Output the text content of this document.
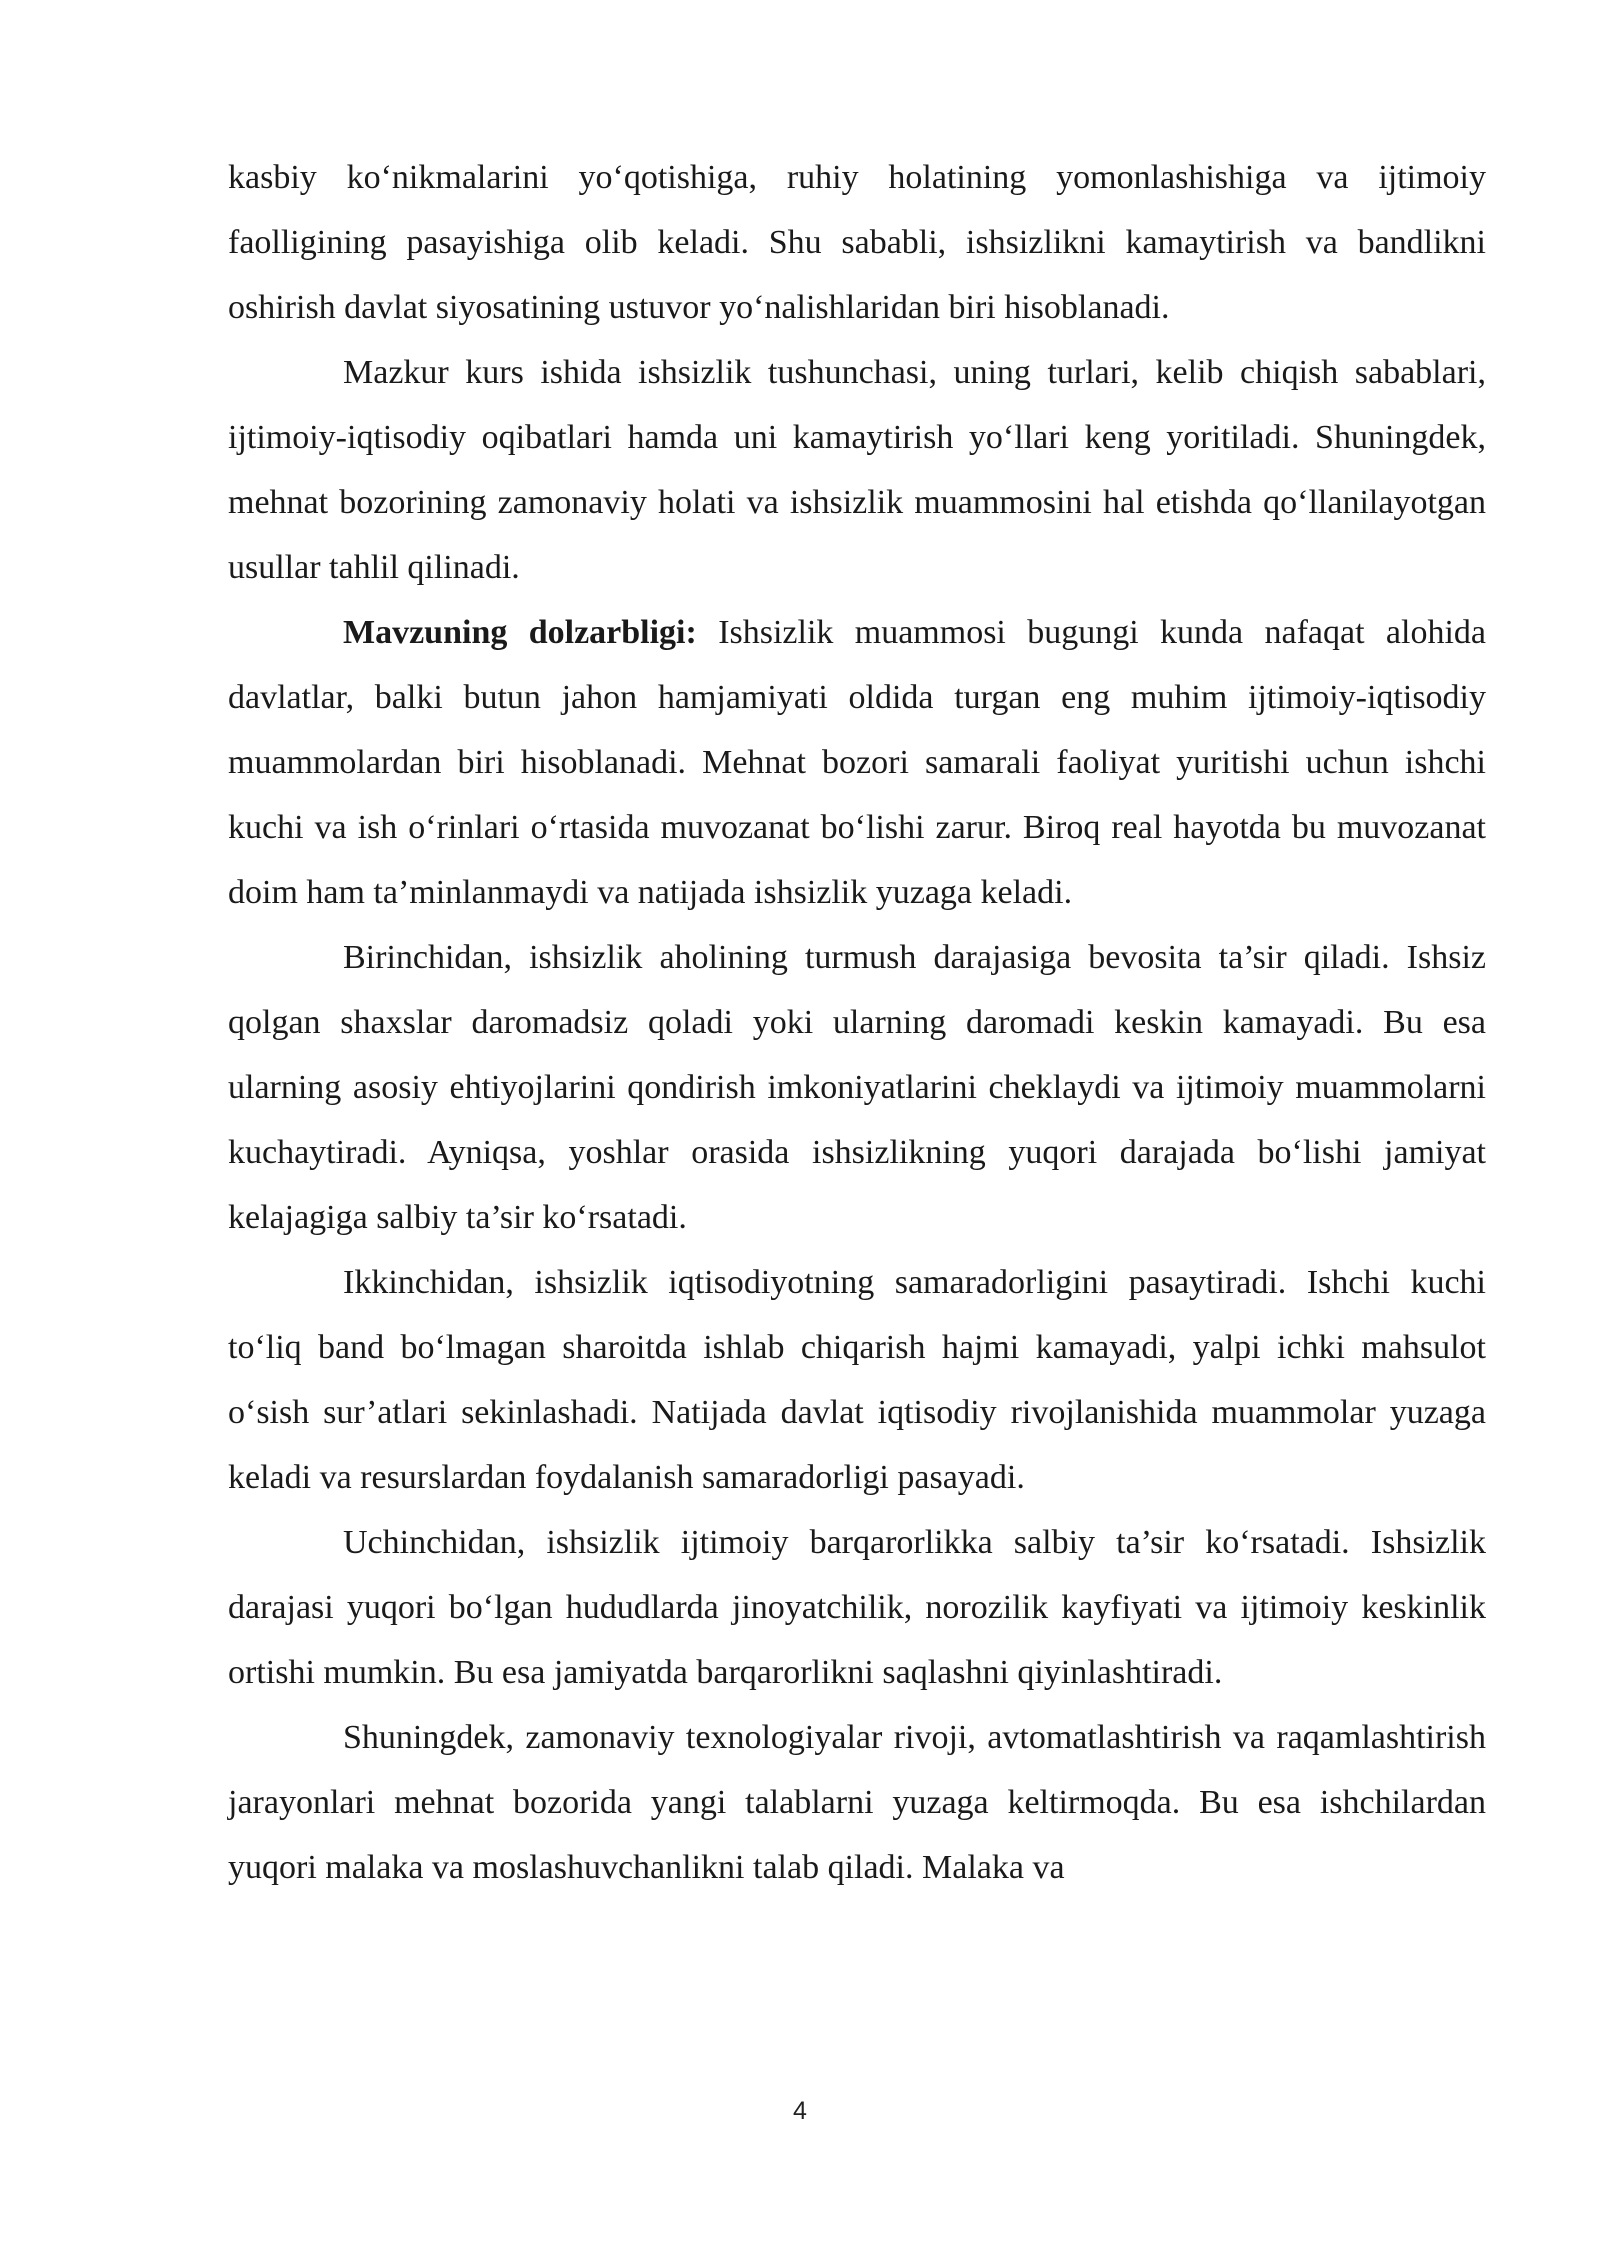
kasbiy ko‘nikmalarini yo‘qotishiga, ruhiy holatining yomonlashishiga va ijtimoiy faolligining pasayishiga olib keladi. Shu sababli, ishsizlikni kamaytirish va bandlikni oshirish davlat siyosatining ustuvor yo‘nalishlaridan biri hisoblanadi.

Mazkur kurs ishida ishsizlik tushunchasi, uning turlari, kelib chiqish sabablari, ijtimoiy-iqtisodiy oqibatlari hamda uni kamaytirish yo‘llari keng yoritiladi. Shuningdek, mehnat bozorining zamonaviy holati va ishsizlik muammosini hal etishda qo‘llanilayotgan usullar tahlil qilinadi.

Mavzuning dolzarbligi: Ishsizlik muammosi bugungi kunda nafaqat alohida davlatlar, balki butun jahon hamjamiyati oldida turgan eng muhim ijtimoiy-iqtisodiy muammolardan biri hisoblanadi. Mehnat bozori samarali faoliyat yuritishi uchun ishchi kuchi va ish o‘rinlari o‘rtasida muvozanat bo‘lishi zarur. Biroq real hayotda bu muvozanat doim ham ta’minlanmaydi va natijada ishsizlik yuzaga keladi.

Birinchidan, ishsizlik aholining turmush darajasiga bevosita ta’sir qiladi. Ishsiz qolgan shaxslar daromadsiz qoladi yoki ularning daromadi keskin kamayadi. Bu esa ularning asosiy ehtiyojlarini qondirish imkoniyatlarini cheklaydi va ijtimoiy muammolarni kuchaytiradi. Ayniqsa, yoshlar orasida ishsizlikning yuqori darajada bo‘lishi jamiyat kelajagiga salbiy ta’sir ko‘rsatadi.

Ikkinchidan, ishsizlik iqtisodiyotning samaradorligini pasaytiradi. Ishchi kuchi to‘liq band bo‘lmagan sharoitda ishlab chiqarish hajmi kamayadi, yalpi ichki mahsulot o‘sish sur’atlari sekinlashadi. Natijada davlat iqtisodiy rivojlanishida muammolar yuzaga keladi va resurslardan foydalanish samaradorligi pasayadi.

Uchinchidan, ishsizlik ijtimoiy barqarorlikka salbiy ta’sir ko‘rsatadi. Ishsizlik darajasi yuqori bo‘lgan hududlarda jinoyatchilik, norozilik kayfiyati va ijtimoiy keskinlik ortishi mumkin. Bu esa jamiyatda barqarorlikni saqlashni qiyinlashtiradi.

Shuningdek, zamonaviy texnologiyalar rivoji, avtomatlashtirish va raqamlashtirish jarayonlari mehnat bozorida yangi talablarni yuzaga keltirmoqda. Bu esa ishchilardan yuqori malaka va moslashuvchanlikni talab qiladi. Malaka va

4
